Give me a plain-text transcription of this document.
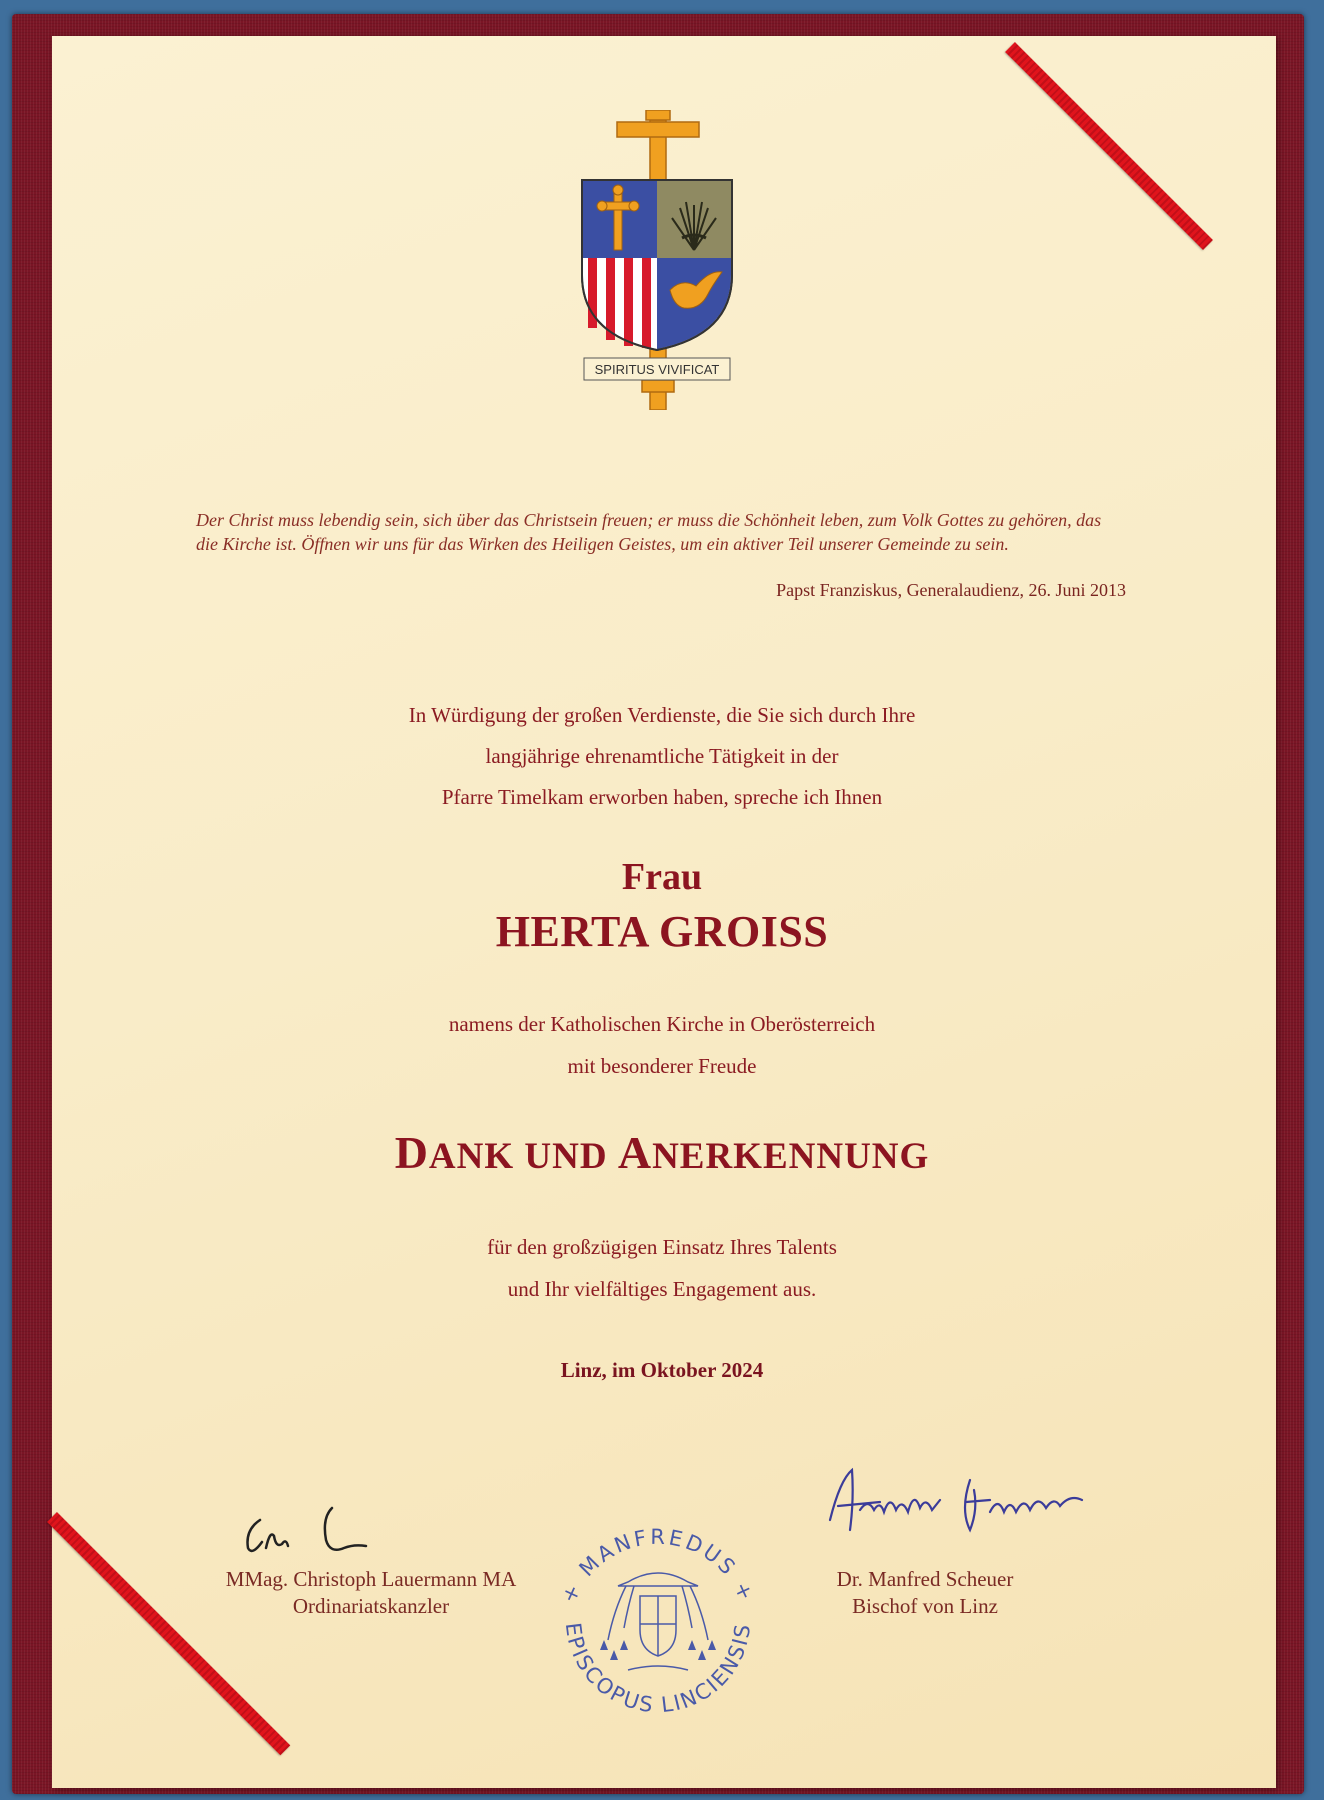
SPIRITUS VIVIFICAT

Der Christ muss lebendig sein, sich über das Christsein freuen; er muss die Schönheit leben, zum Volk Gottes zu gehören, das die Kirche ist. Öffnen wir uns für das Wirken des Heiligen Geistes, um ein aktiver Teil unserer Gemeinde zu sein.

Papst Franziskus, Generalaudienz, 26. Juni 2013
In Würdigung der großen Verdienste, die Sie sich durch Ihre
langjährige ehrenamtliche Tätigkeit in der
Pfarre Timelkam erworben haben, spreche ich Ihnen
Frau
HERTA GROISS
namens der Katholischen Kirche in Oberösterreich
mit besonderer Freude
DANK UND ANERKENNUNG
für den großzügigen Einsatz Ihres Talents
und Ihr vielfältiges Engagement aus.
Linz, im Oktober 2024
MMag. Christoph Lauermann MA
Ordinariatskanzler
Dr. Manfred Scheuer
Bischof von Linz
+ MANFREDUS +
EPISCOPUS LINCIENSIS
